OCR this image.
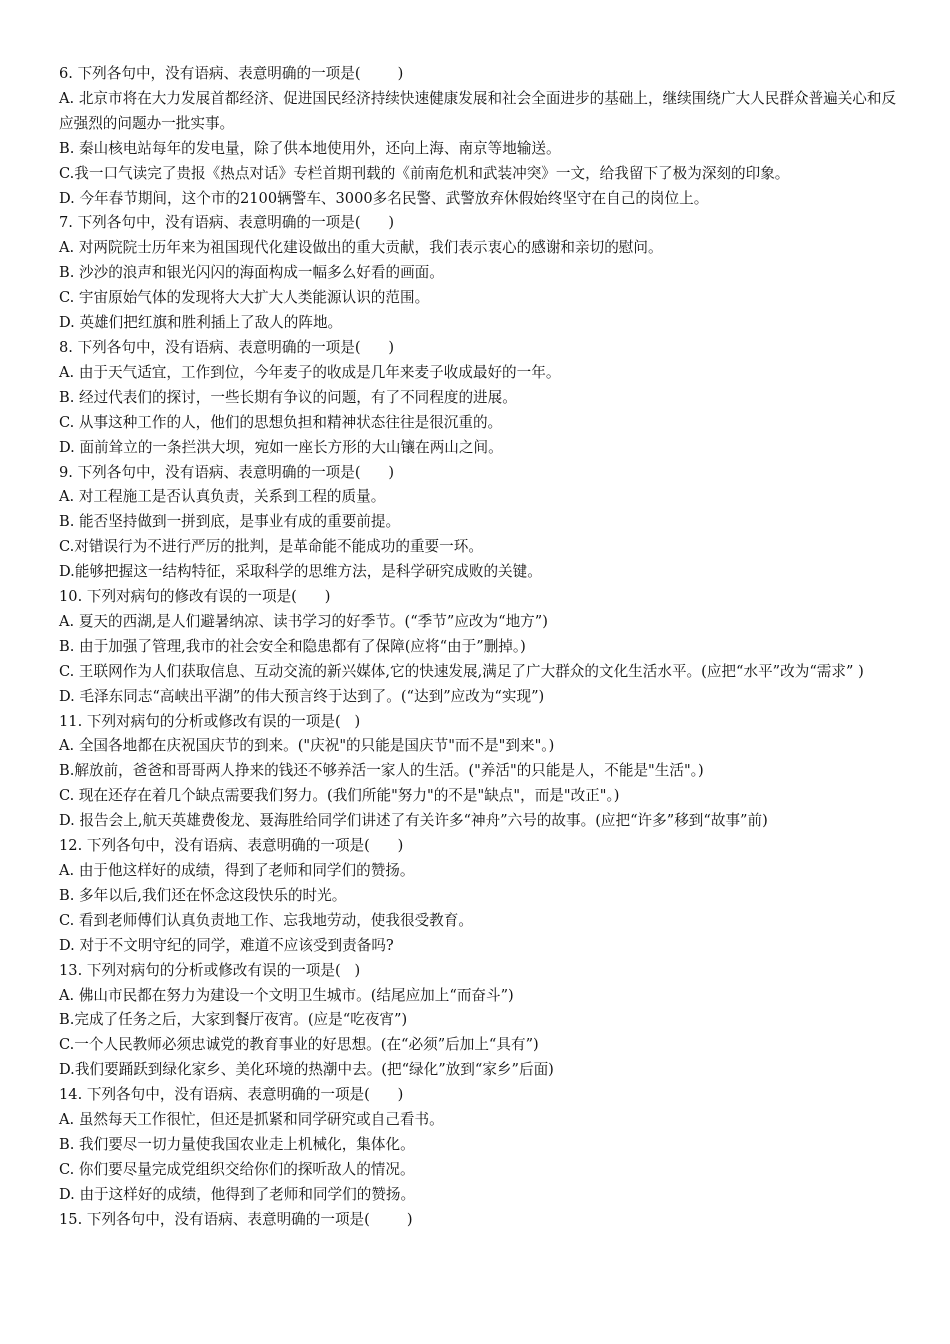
6. 下列各句中，没有语病、表意明确的一项是(        )
A. 北京市将在大力发展首都经济、促进国民经济持续快速健康发展和社会全面进步的基础上，继续围绕广大人民群众普遍关心和反应强烈的问题办一批实事。
B. 秦山核电站每年的发电量，除了供本地使用外，还向上海、南京等地输送。
C.我一口气读完了贵报《热点对话》专栏首期刊载的《前南危机和武装冲突》一文，给我留下了极为深刻的印象。
D. 今年春节期间，这个市的2100辆警车、3000多名民警、武警放弃休假始终坚守在自己的岗位上。
7. 下列各句中，没有语病、表意明确的一项是(      )
A. 对两院院士历年来为祖国现代化建设做出的重大贡献，我们表示衷心的感谢和亲切的慰问。
B. 沙沙的浪声和银光闪闪的海面构成一幅多么好看的画面。
C. 宇宙原始气体的发现将大大扩大人类能源认识的范围。
D. 英雄们把红旗和胜利插上了敌人的阵地。
8. 下列各句中，没有语病、表意明确的一项是(      )
A. 由于天气适宜，工作到位，今年麦子的收成是几年来麦子收成最好的一年。
B. 经过代表们的探讨，一些长期有争议的问题，有了不同程度的进展。
C. 从事这种工作的人，他们的思想负担和精神状态往往是很沉重的。
D. 面前耸立的一条拦洪大坝，宛如一座长方形的大山镶在两山之间。
9. 下列各句中，没有语病、表意明确的一项是(      )
A. 对工程施工是否认真负责，关系到工程的质量。
B. 能否坚持做到一拼到底，是事业有成的重要前提。
C.对错误行为不进行严厉的批判，是革命能不能成功的重要一环。
D.能够把握这一结构特征，采取科学的思维方法，是科学研究成败的关键。
10. 下列对病句的修改有误的一项是(      )
A. 夏天的西湖,是人们避暑纳凉、读书学习的好季节。(“季节”应改为“地方”)
B. 由于加强了管理,我市的社会安全和隐患都有了保障(应将“由于”删掉。)
C. 王联网作为人们获取信息、互动交流的新兴媒体,它的快速发展,满足了广大群众的文化生活水平。(应把“水平”改为“需求” )
D. 毛泽东同志“高峡出平湖”的伟大预言终于达到了。(“达到”应改为“实现”)
11. 下列对病句的分析或修改有误的一项是(   )
A. 全国各地都在庆祝国庆节的到来。("庆祝"的只能是国庆节"而不是"到来"。)
B.解放前，爸爸和哥哥两人挣来的钱还不够养活一家人的生活。("养活"的只能是人，不能是"生活"。)
C. 现在还存在着几个缺点需要我们努力。(我们所能"努力"的不是"缺点"，而是"改正"。)
D. 报告会上,航天英雄费俊龙、聂海胜给同学们讲述了有关许多“神舟”六号的故事。(应把“许多”移到“故事”前)
12. 下列各句中，没有语病、表意明确的一项是(      )
A. 由于他这样好的成绩，得到了老师和同学们的赞扬。
B. 多年以后,我们还在怀念这段快乐的时光。
C. 看到老师傅们认真负责地工作、忘我地劳动，使我很受教育。
D. 对于不文明守纪的同学，难道不应该受到责备吗?
13. 下列对病句的分析或修改有误的一项是(   )
A. 佛山市民都在努力为建设一个文明卫生城市。(结尾应加上“而奋斗”)
B.完成了任务之后，大家到餐厅夜宵。(应是“吃夜宵”)
C.一个人民教师必须忠诚党的教育事业的好思想。(在“必须”后加上“具有”)
D.我们要踊跃到绿化家乡、美化环境的热潮中去。(把“绿化”放到“家乡”后面)
14. 下列各句中，没有语病、表意明确的一项是(      )
A. 虽然每天工作很忙，但还是抓紧和同学研究或自己看书。
B. 我们要尽一切力量使我国农业走上机械化，集体化。
C. 你们要尽量完成党组织交给你们的探听敌人的情况。
D. 由于这样好的成绩，他得到了老师和同学们的赞扬。
15. 下列各句中，没有语病、表意明确的一项是(        )
